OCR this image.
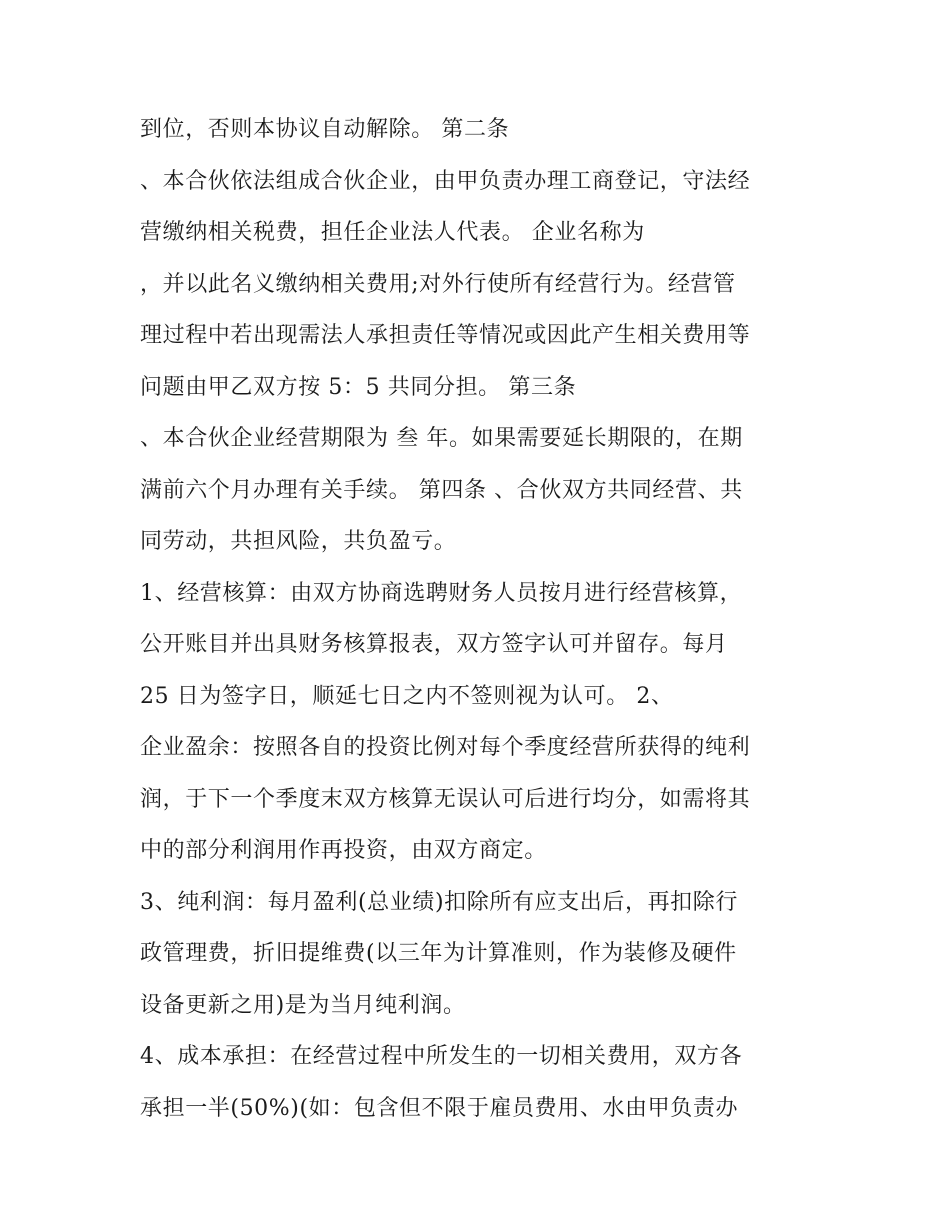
到位，否则本协议自动解除。 第二条
、本合伙依法组成合伙企业，由甲负责办理工商登记，守法经
营缴纳相关税费，担任企业法人代表。 企业名称为
，并以此名义缴纳相关费用;对外行使所有经营行为。经营管
理过程中若出现需法人承担责任等情况或因此产生相关费用等
问题由甲乙双方按 5：5 共同分担。 第三条
、本合伙企业经营期限为 叁 年。如果需要延长期限的，在期
满前六个月办理有关手续。 第四条 、合伙双方共同经营、共
同劳动，共担风险，共负盈亏。
1、经营核算：由双方协商选聘财务人员按月进行经营核算，
公开账目并出具财务核算报表，双方签字认可并留存。每月
25 日为签字日，顺延七日之内不签则视为认可。 2、
企业盈余：按照各自的投资比例对每个季度经营所获得的纯利
润，于下一个季度末双方核算无误认可后进行均分，如需将其
中的部分利润用作再投资，由双方商定。
3、纯利润：每月盈利(总业绩)扣除所有应支出后，再扣除行
政管理费，折旧提维费(以三年为计算准则，作为装修及硬件
设备更新之用)是为当月纯利润。
4、成本承担：在经营过程中所发生的一切相关费用，双方各
承担一半(50%)(如：包含但不限于雇员费用、水由甲负责办
